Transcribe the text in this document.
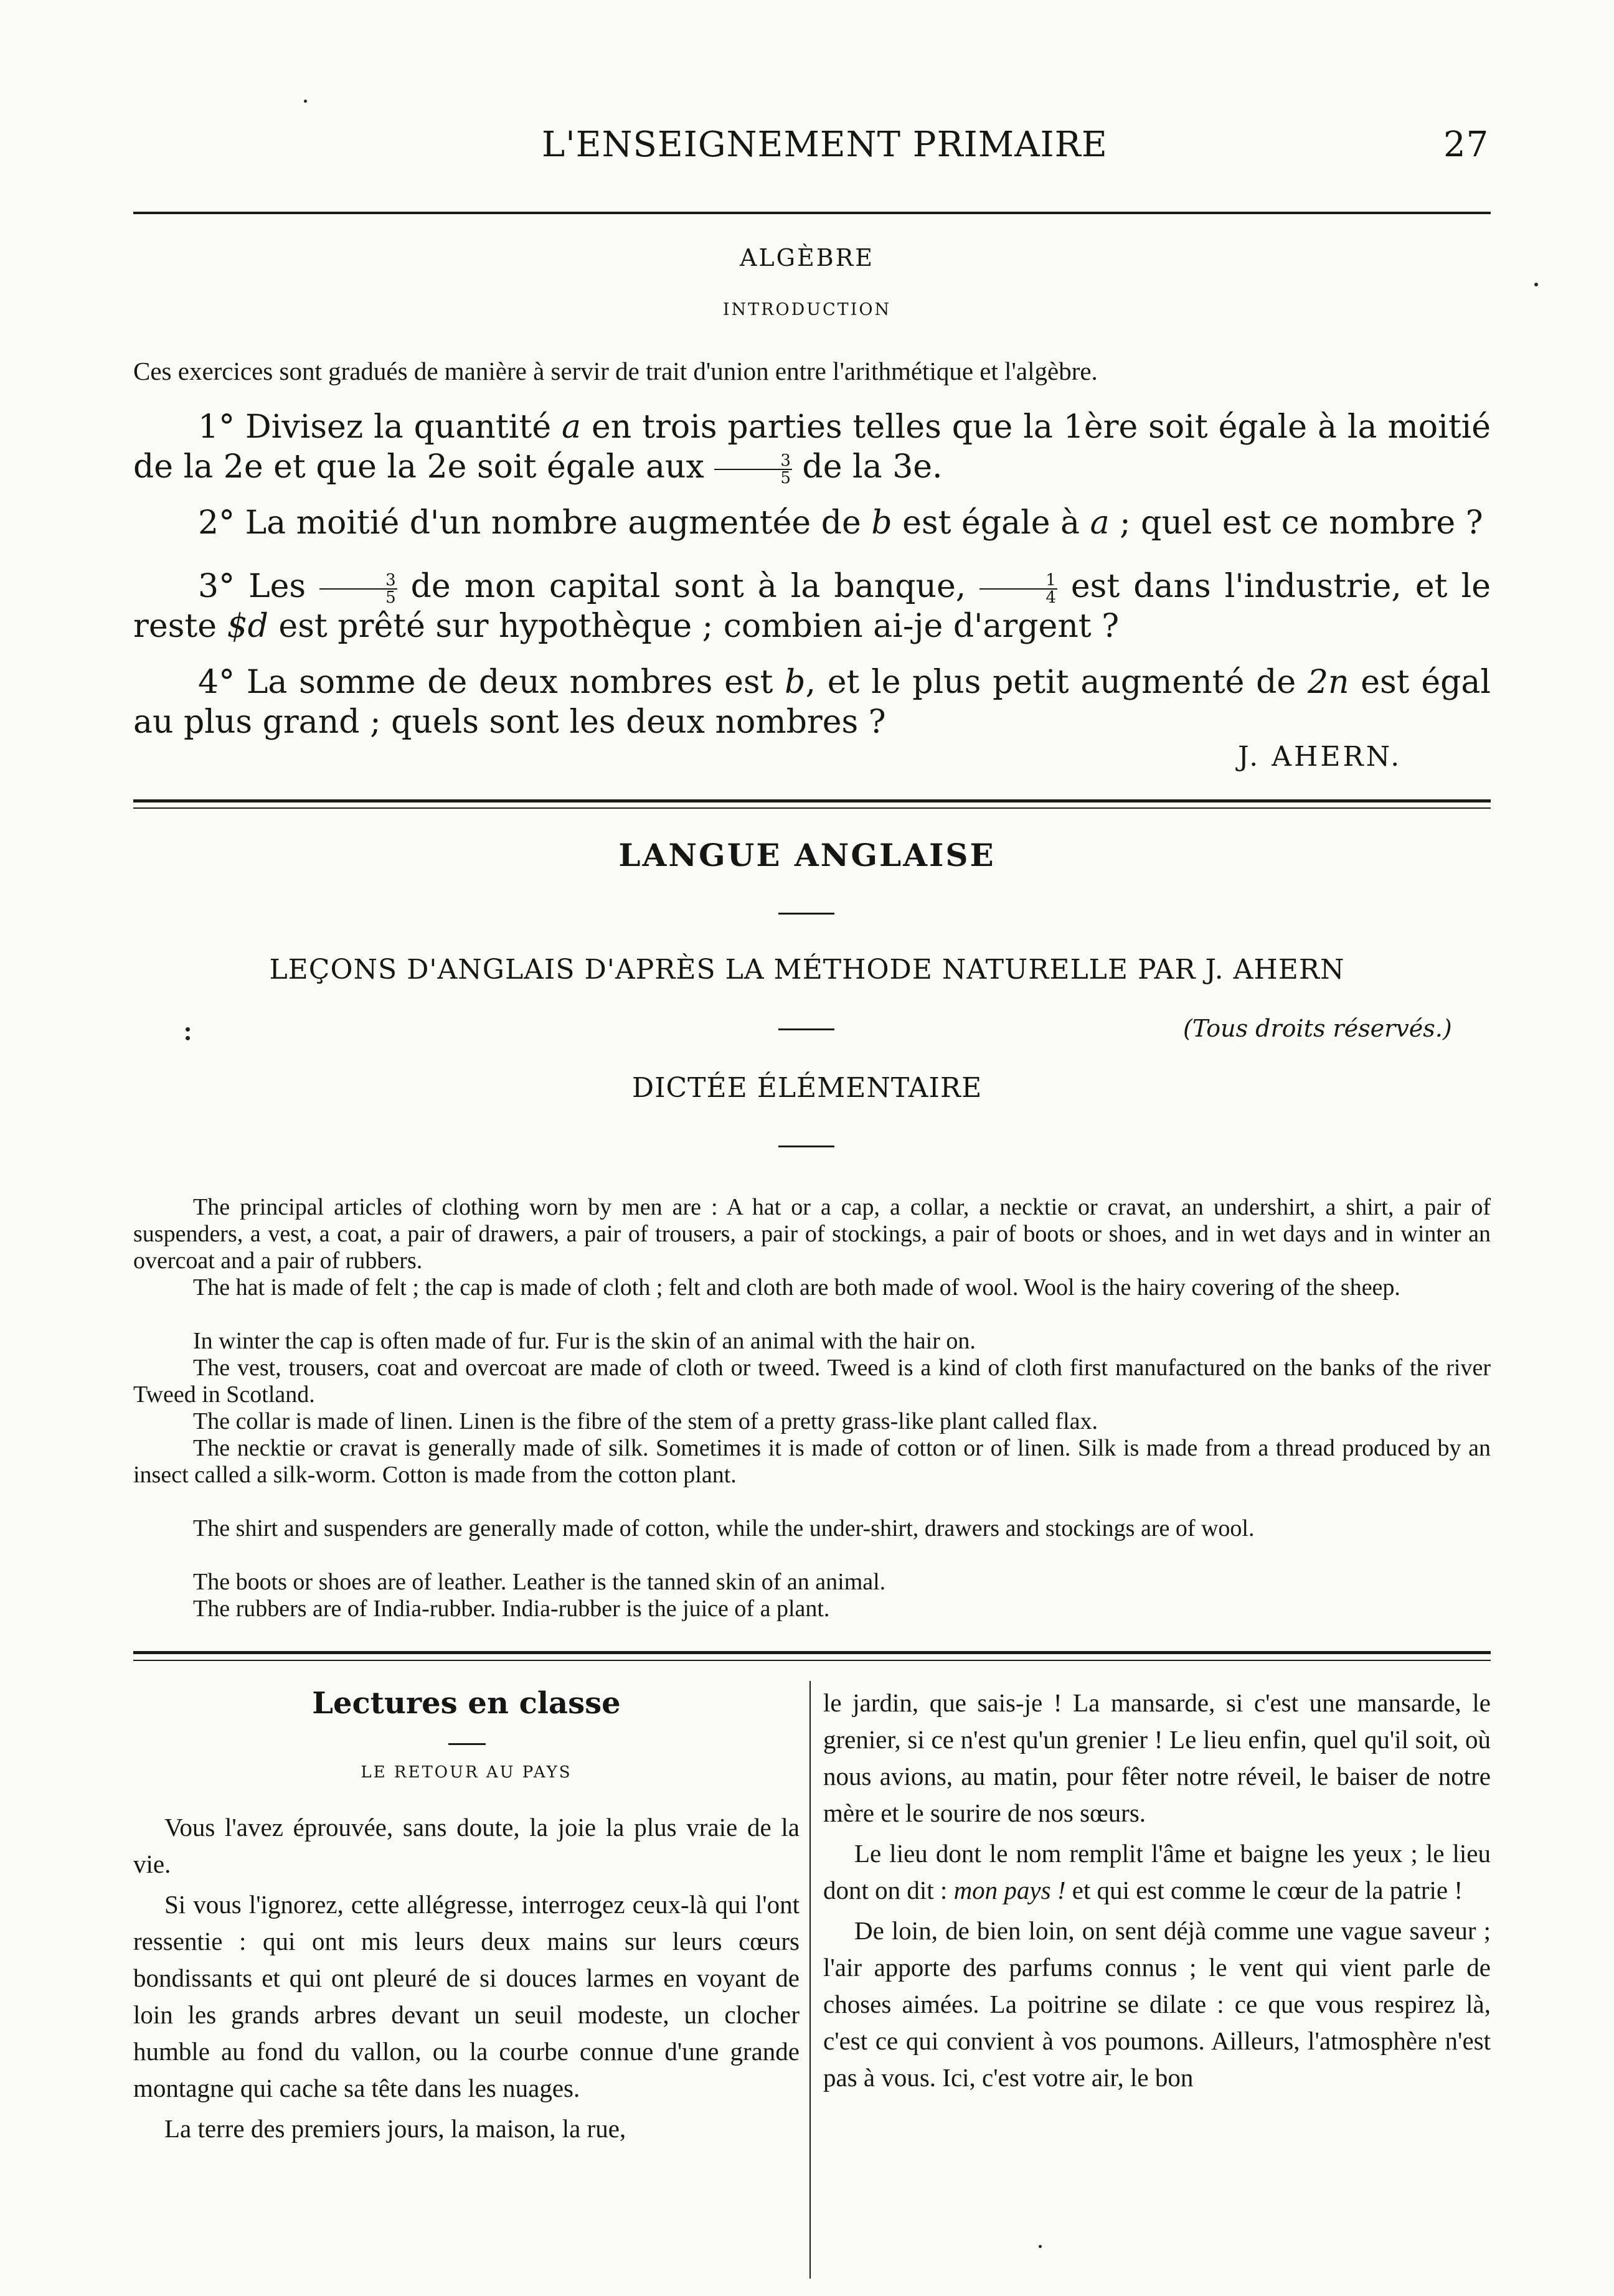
L'ENSEIGNEMENT PRIMAIRE	27
ALGÈBRE
INTRODUCTION
Ces exercices sont gradués de manière à servir de trait d'union entre l'arithmétique et l'algèbre.
1° Divisez la quantité a en trois parties telles que la 1ère soit égale à la moitié de la 2e et que la 2e soit égale aux $\frac{3}{5}$ de la 3e.
2° La moitié d'un nombre augmentée de b est égale à a ; quel est ce nombre ?
3° Les $\frac{3}{5}$ de mon capital sont à la banque, $\frac{1}{4}$ est dans l'industrie, et le reste $d est prêté sur hypothèque ; combien ai-je d'argent ?
4° La somme de deux nombres est b, et le plus petit augmenté de 2n est égal au plus grand ; quels sont les deux nombres ?
J. AHERN.
LANGUE ANGLAISE
LEÇONS D'ANGLAIS D'APRÈS LA MÉTHODE NATURELLE PAR J. AHERN
(Tous droits réservés.)
DICTÉE ÉLÉMENTAIRE
The principal articles of clothing worn by men are : A hat or a cap, a collar, a necktie or cravat, an undershirt, a shirt, a pair of suspenders, a vest, a coat, a pair of drawers, a pair of trousers, a pair of stockings, a pair of boots or shoes, and in wet days and in winter an overcoat and a pair of rubbers.
The hat is made of felt ; the cap is made of cloth ; felt and cloth are both made of wool. Wool is the hairy covering of the sheep.
In winter the cap is often made of fur. Fur is the skin of an animal with the hair on.
The vest, trousers, coat and overcoat are made of cloth or tweed. Tweed is a kind of cloth first manufactured on the banks of the river Tweed in Scotland.
The collar is made of linen. Linen is the fibre of the stem of a pretty grass-like plant called flax.
The necktie or cravat is generally made of silk. Sometimes it is made of cotton or of linen. Silk is made from a thread produced by an insect called a silk-worm. Cotton is made from the cotton plant.
The shirt and suspenders are generally made of cotton, while the under-shirt, drawers and stockings are of wool.
The boots or shoes are of leather. Leather is the tanned skin of an animal.
The rubbers are of India-rubber. India-rubber is the juice of a plant.
Lectures en classe
LE RETOUR AU PAYS

Vous l'avez éprouvée, sans doute, la joie la plus vraie de la vie.

Si vous l'ignorez, cette allégresse, interrogez ceux-là qui l'ont ressentie : qui ont mis leurs deux mains sur leurs cœurs bondissants et qui ont pleuré de si douces larmes en voyant de loin les grands arbres devant un seuil modeste, un clocher humble au fond du vallon, ou la courbe connue d'une grande montagne qui cache sa tête dans les nuages.

La terre des premiers jours, la maison, la rue,

le jardin, que sais-je ! La mansarde, si c'est une mansarde, le grenier, si ce n'est qu'un grenier ! Le lieu enfin, quel qu'il soit, où nous avions, au matin, pour fêter notre réveil, le baiser de notre mère et le sourire de nos sœurs.

Le lieu dont le nom remplit l'âme et baigne les yeux ; le lieu dont on dit : mon pays ! et qui est comme le cœur de la patrie !

De loin, de bien loin, on sent déjà comme une vague saveur ; l'air apporte des parfums connus ; le vent qui vient parle de choses aimées. La poitrine se dilate : ce que vous respirez là, c'est ce qui convient à vos poumons. Ailleurs, l'atmosphère n'est pas à vous. Ici, c'est votre air, le bon
